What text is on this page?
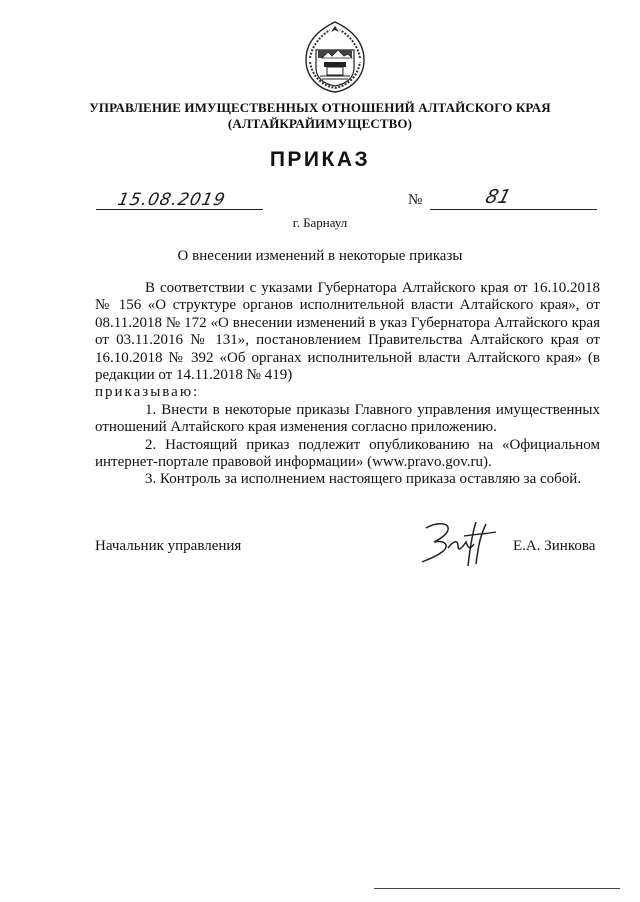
УПРАВЛЕНИЕ ИМУЩЕСТВЕННЫХ ОТНОШЕНИЙ АЛТАЙСКОГО КРАЯ
(АЛТАЙКРАЙИМУЩЕСТВО)
ПРИКАЗ
15.08.2019	№	81
г. Барнаул
О внесении изменений в некоторые приказы

В соответствии с указами Губернатора Алтайского края от 16.10.2018 № 156 «О структуре органов исполнительной власти Алтайского края», от 08.11.2018 № 172 «О внесении изменений в указ Губернатора Алтайского края от 03.11.2016 № 131», постановлением Правительства Алтайского края от 16.10.2018 № 392 «Об органах исполнительной власти Алтайского края» (в редакции от 14.11.2018 № 419)

приказываю:

1. Внести в некоторые приказы Главного управления имущественных отношений Алтайского края изменения согласно приложению.

2. Настоящий приказ подлежит опубликованию на «Официальном интернет-портале правовой информации» (www.pravo.gov.ru).

3. Контроль за исполнением настоящего приказа оставляю за собой.

Начальник управления	Е.А. Зинкова
